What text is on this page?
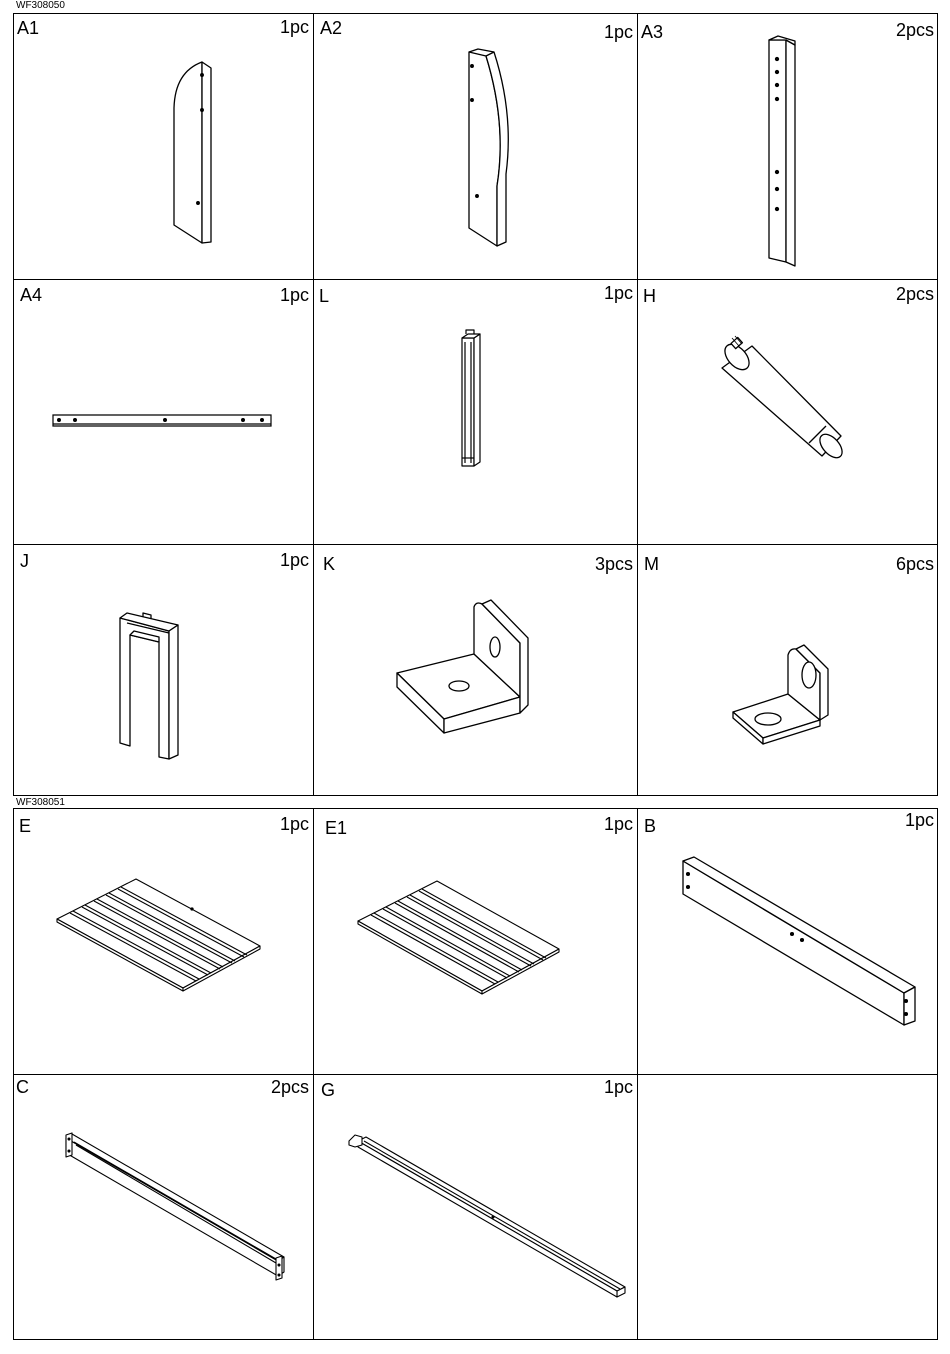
WF308050
A1	1pc A2	1pc A3	2pcs
A4	1pc L	1pc H	2pcs
J	1pc K	3pcs M	6pcs
WF308051
E	1pc E1	1pc B	1pc
C	2pcs G	1pc
